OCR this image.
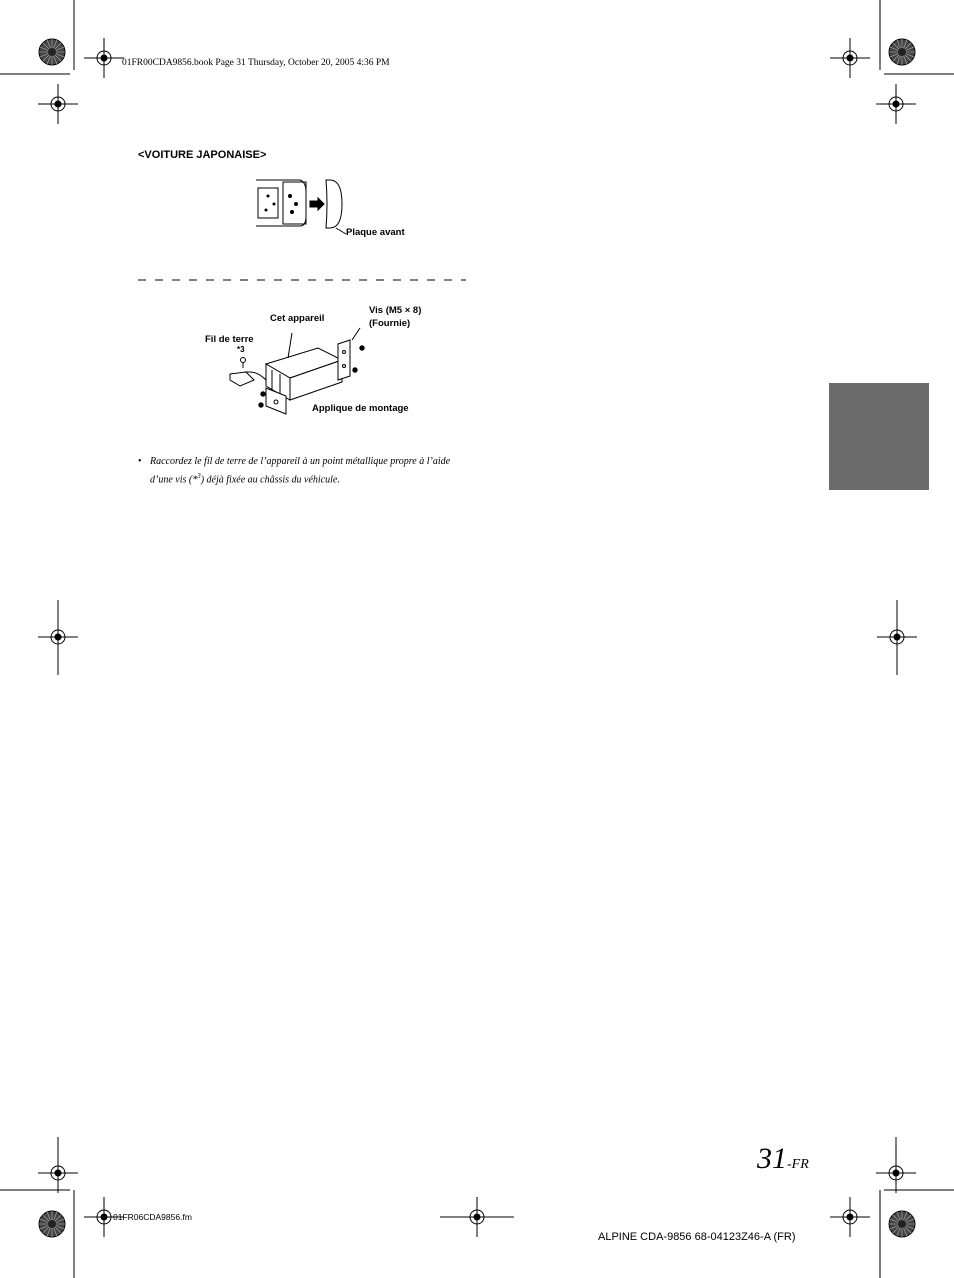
01FR00CDA9856.book Page 31 Thursday, October 20, 2005 4:36 PM
<VOITURE JAPONAISE>
Plaque avant
Cet appareil
Vis (M5 × 8)
(Fournie)
Fil de terre
*3
Applique de montage
• Raccordez le fil de terre de l’appareil à un point métallique propre à l’aide d’une vis (*$^3$) déjà fixée au châssis du véhicule.
31-FR
01FR06CDA9856.fm
ALPINE CDA-9856 68-04123Z46-A (FR)
